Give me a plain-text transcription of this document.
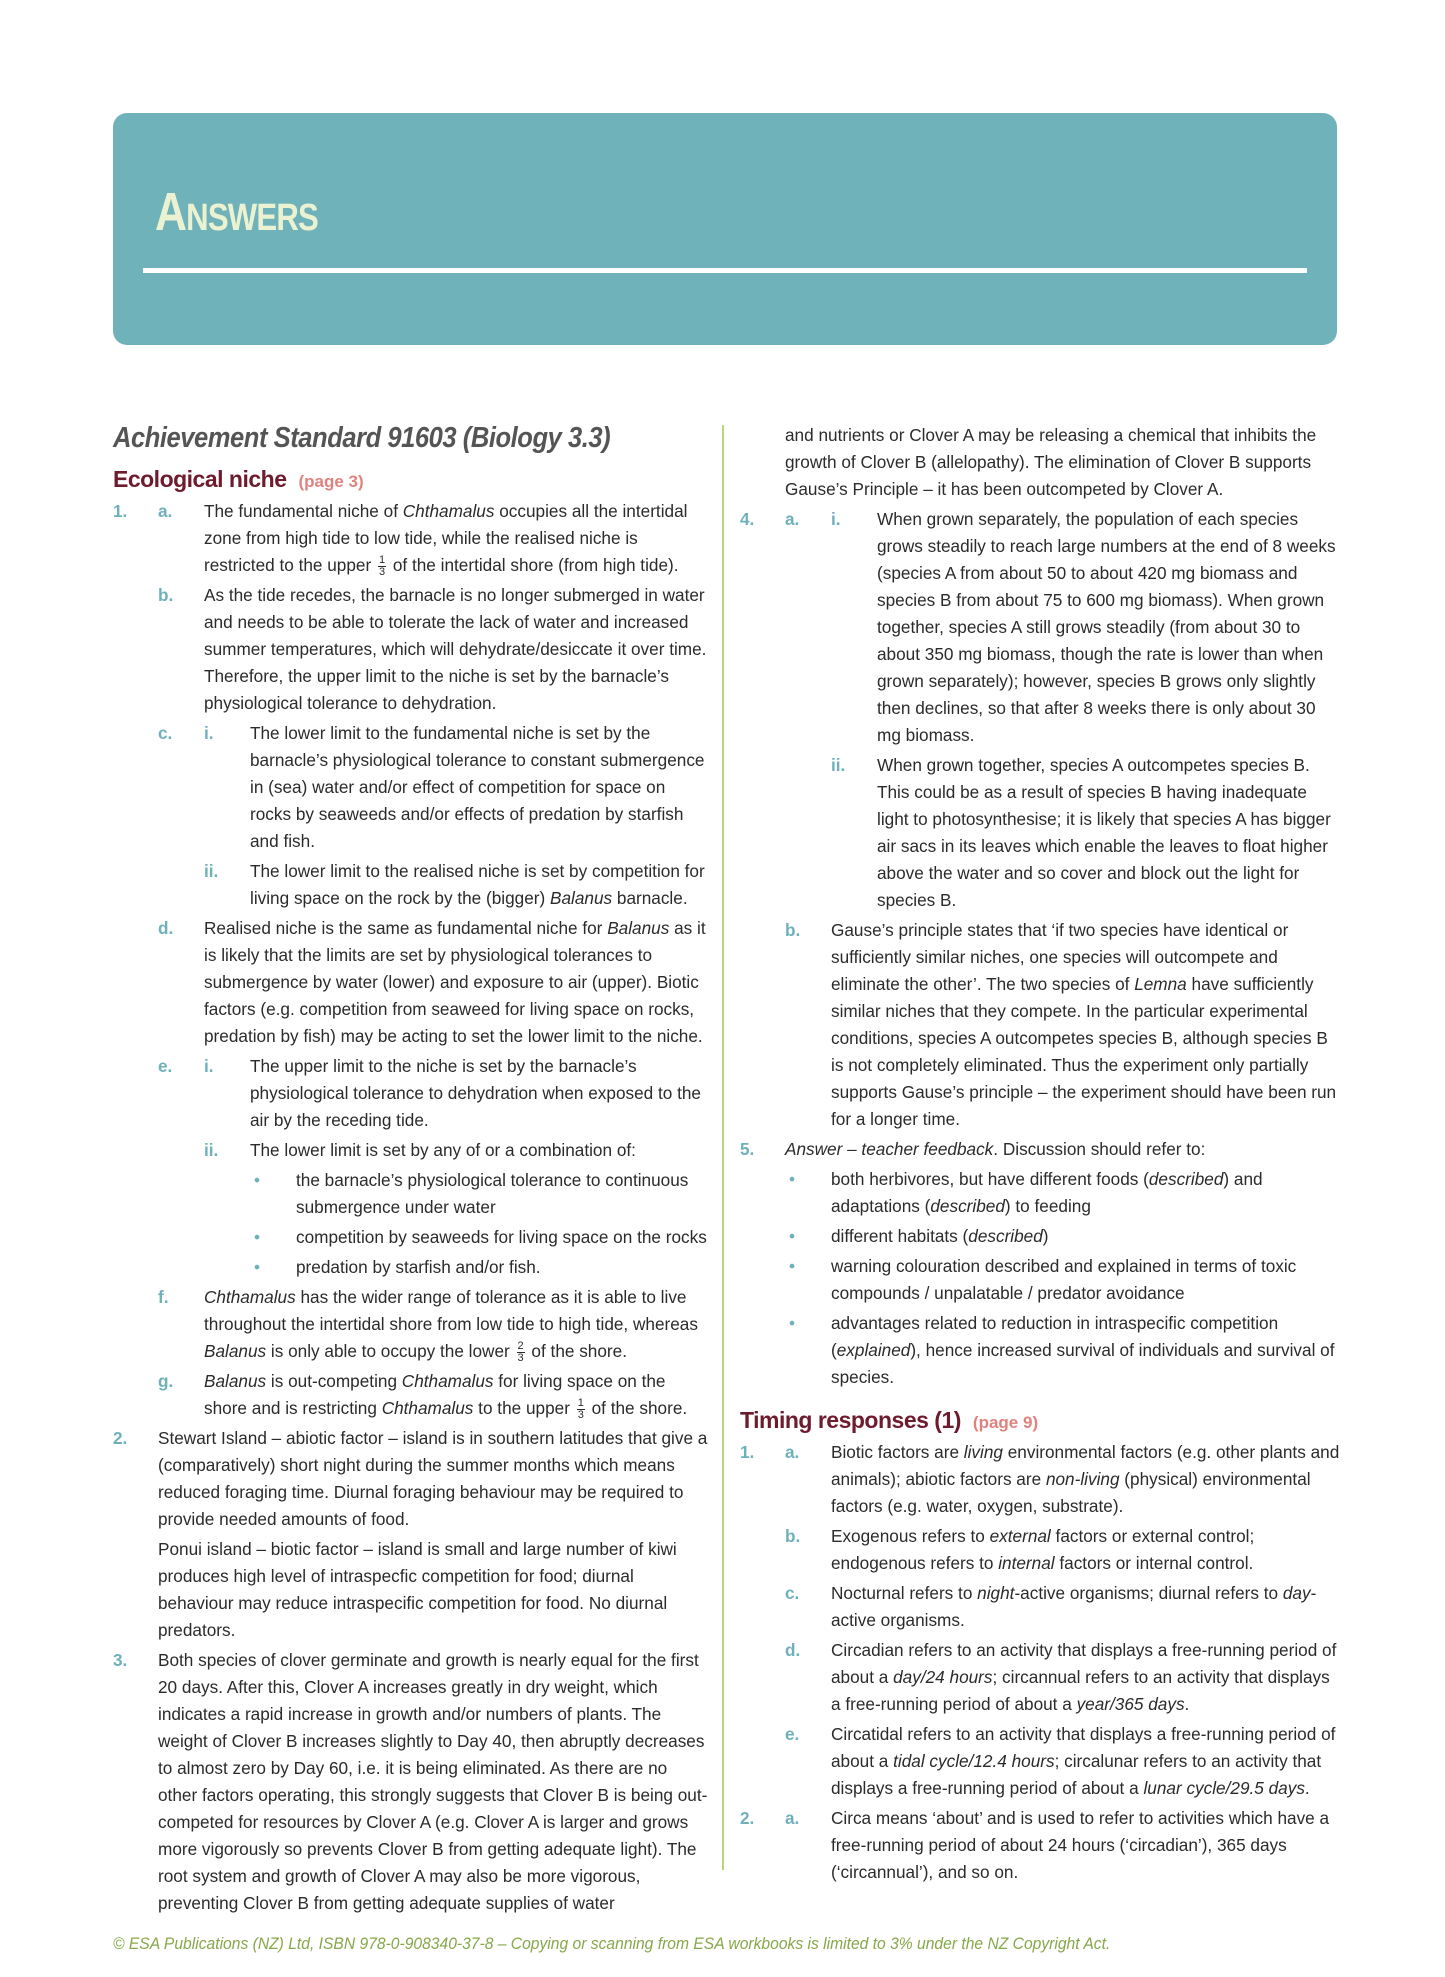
Answers
Achievement Standard 91603 (Biology 3.3)
Ecological niche (page 3)
1.	a.	The fundamental niche of Chthamalus occupies all the intertidal zone from high tide to low tide, while the realised niche is restricted to the upper $\frac{1}{3}$ of the intertidal shore (from high tide).
b.	As the tide recedes, the barnacle is no longer submerged in water and needs to be able to tolerate the lack of water and increased summer temperatures, which will dehydrate/desiccate it over time. Therefore, the upper limit to the niche is set by the barnacle’s physiological tolerance to dehydration.
c.	i.	The lower limit to the fundamental niche is set by the barnacle’s physiological tolerance to constant submergence in (sea) water and/or effect of competition for space on rocks by seaweeds and/or effects of predation by starfish and fish.
ii.	The lower limit to the realised niche is set by competition for living space on the rock by the (bigger) Balanus barnacle.
d.	Realised niche is the same as fundamental niche for Balanus as it is likely that the limits are set by physiological tolerances to submergence by water (lower) and exposure to air (upper). Biotic factors (e.g. competition from seaweed for living space on rocks, predation by fish) may be acting to set the lower limit to the niche.
e.	i.	The upper limit to the niche is set by the barnacle’s physiological tolerance to dehydration when exposed to the air by the receding tide.
ii.	The lower limit is set by any of or a combination of:
•	the barnacle’s physiological tolerance to continuous submergence under water
•	competition by seaweeds for living space on the rocks
•	predation by starfish and/or fish.
f.	Chthamalus has the wider range of tolerance as it is able to live throughout the intertidal shore from low tide to high tide, whereas Balanus is only able to occupy the lower $\frac{2}{3}$ of the shore.
g.	Balanus is out-competing Chthamalus for living space on the shore and is restricting Chthamalus to the upper $\frac{1}{3}$ of the shore.
2.	Stewart Island – abiotic factor – island is in southern latitudes that give a (comparatively) short night during the summer months which means reduced foraging time. Diurnal foraging behaviour may be required to provide needed amounts of food.
Ponui island – biotic factor – island is small and large number of kiwi produces high level of intraspecfic competition for food; diurnal behaviour may reduce intraspecific competition for food. No diurnal predators.
3.	Both species of clover germinate and growth is nearly equal for the first 20 days. After this, Clover A increases greatly in dry weight, which indicates a rapid increase in growth and/or numbers of plants. The weight of Clover B increases slightly to Day 40, then abruptly decreases to almost zero by Day 60, i.e. it is being eliminated. As there are no other factors operating, this strongly suggests that Clover B is being out-competed for resources by Clover A (e.g. Clover A is larger and grows more vigorously so prevents Clover B from getting adequate light). The root system and growth of Clover A may also be more vigorous, preventing Clover B from getting adequate supplies of water
and nutrients or Clover A may be releasing a chemical that inhibits the growth of Clover B (allelopathy). The elimination of Clover B supports Gause’s Principle – it has been outcompeted by Clover A.
4.	a.	i.	When grown separately, the population of each species grows steadily to reach large numbers at the end of 8 weeks (species A from about 50 to about 420 mg biomass and species B from about 75 to 600 mg biomass). When grown together, species A still grows steadily (from about 30 to about 350 mg biomass, though the rate is lower than when grown separately); however, species B grows only slightly then declines, so that after 8 weeks there is only about 30 mg biomass.
ii.	When grown together, species A outcompetes species B. This could be as a result of species B having inadequate light to photosynthesise; it is likely that species A has bigger air sacs in its leaves which enable the leaves to float higher above the water and so cover and block out the light for species B.
b.	Gause’s principle states that ‘if two species have identical or sufficiently similar niches, one species will outcompete and eliminate the other’. The two species of Lemna have sufficiently similar niches that they compete. In the particular experimental conditions, species A outcompetes species B, although species B is not completely eliminated. Thus the experiment only partially supports Gause’s principle – the experiment should have been run for a longer time.
5.	Answer – teacher feedback. Discussion should refer to:
•	both herbivores, but have different foods (described) and adaptations (described) to feeding
•	different habitats (described)
•	warning colouration described and explained in terms of toxic compounds / unpalatable / predator avoidance
•	advantages related to reduction in intraspecific competition (explained), hence increased survival of individuals and survival of species.
Timing responses (1) (page 9)
1.	a.	Biotic factors are living environmental factors (e.g. other plants and animals); abiotic factors are non-living (physical) environmental factors (e.g. water, oxygen, substrate).
b.	Exogenous refers to external factors or external control; endogenous refers to internal factors or internal control.
c.	Nocturnal refers to night-active organisms; diurnal refers to day-active organisms.
d.	Circadian refers to an activity that displays a free-running period of about a day/24 hours; circannual refers to an activity that displays a free-running period of about a year/365 days.
e.	Circatidal refers to an activity that displays a free-running period of about a tidal cycle/12.4 hours; circalunar refers to an activity that displays a free-running period of about a lunar cycle/29.5 days.
2.	a.	Circa means ‘about’ and is used to refer to activities which have a free-running period of about 24 hours (‘circadian’), 365 days (‘circannual’), and so on.
© ESA Publications (NZ) Ltd, ISBN 978-0-908340-37-8 – Copying or scanning from ESA workbooks is limited to 3% under the NZ Copyright Act.
